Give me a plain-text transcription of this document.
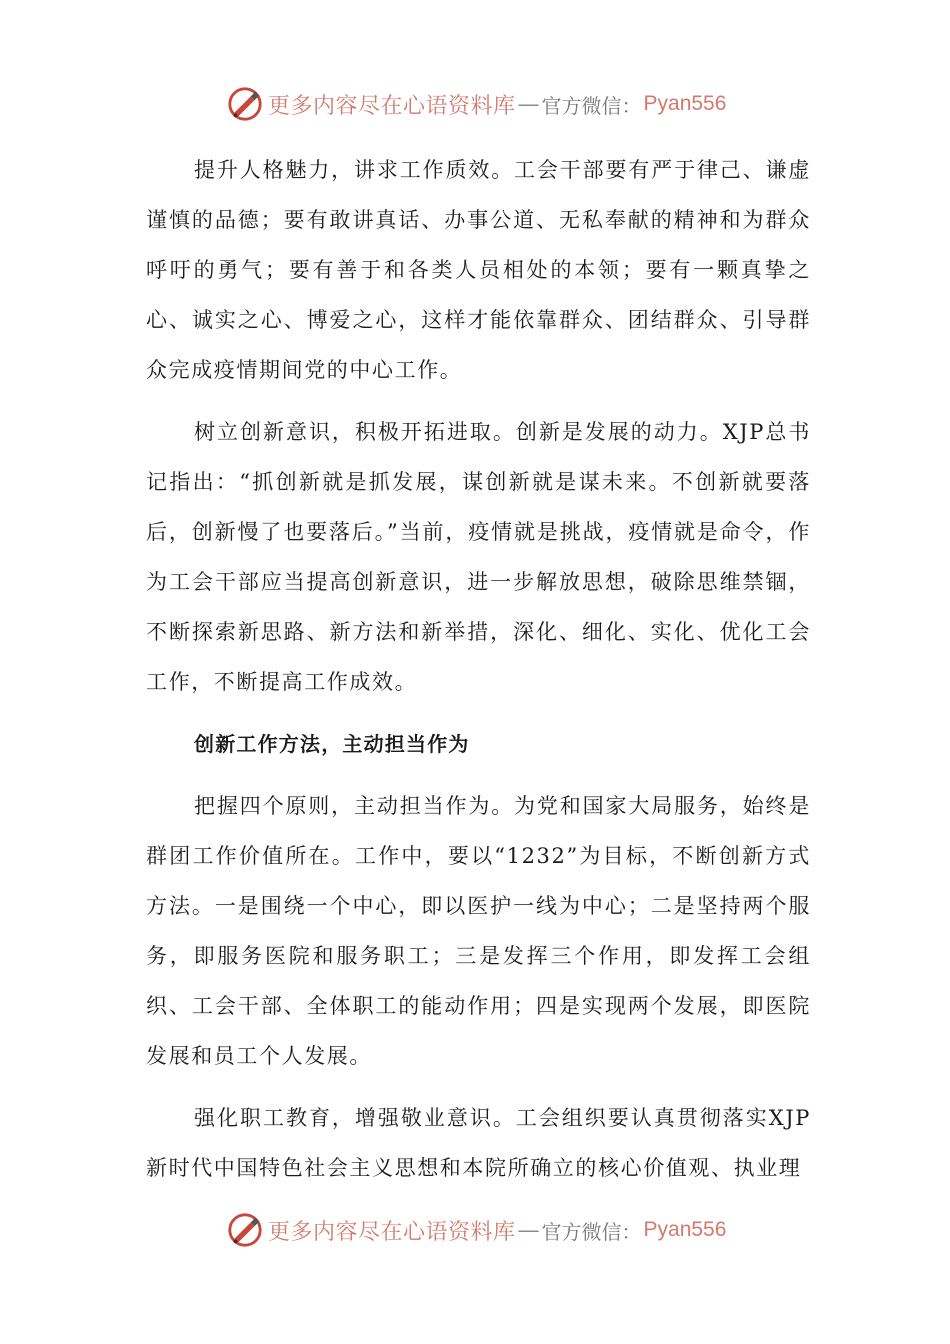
更多内容尽在心语资料库 — 官方微信： Pyan556

提升人格魅力，讲求工作质效。工会干部要有严于律己、谦虚谨慎的品德；要有敢讲真话、办事公道、无私奉献的精神和为群众呼吁的勇气；要有善于和各类人员相处的本领；要有一颗真挚之心、诚实之心、博爱之心，这样才能依靠群众、团结群众、引导群众完成疫情期间党的中心工作。

树立创新意识，积极开拓进取。创新是发展的动力。XJP总书记指出：“抓创新就是抓发展，谋创新就是谋未来。不创新就要落后，创新慢了也要落后。”当前，疫情就是挑战，疫情就是命令，作为工会干部应当提高创新意识，进一步解放思想，破除思维禁锢，不断探索新思路、新方法和新举措，深化、细化、实化、优化工会工作，不断提高工作成效。

创新工作方法，主动担当作为

把握四个原则，主动担当作为。为党和国家大局服务，始终是群团工作价值所在。工作中，要以“1232”为目标，不断创新方式方法。一是围绕一个中心，即以医护一线为中心；二是坚持两个服务，即服务医院和服务职工；三是发挥三个作用，即发挥工会组织、工会干部、全体职工的能动作用；四是实现两个发展，即医院发展和员工个人发展。

强化职工教育，增强敬业意识。工会组织要认真贯彻落实XJP新时代中国特色社会主义思想和本院所确立的核心价值观、执业理

更多内容尽在心语资料库 — 官方微信： Pyan556
